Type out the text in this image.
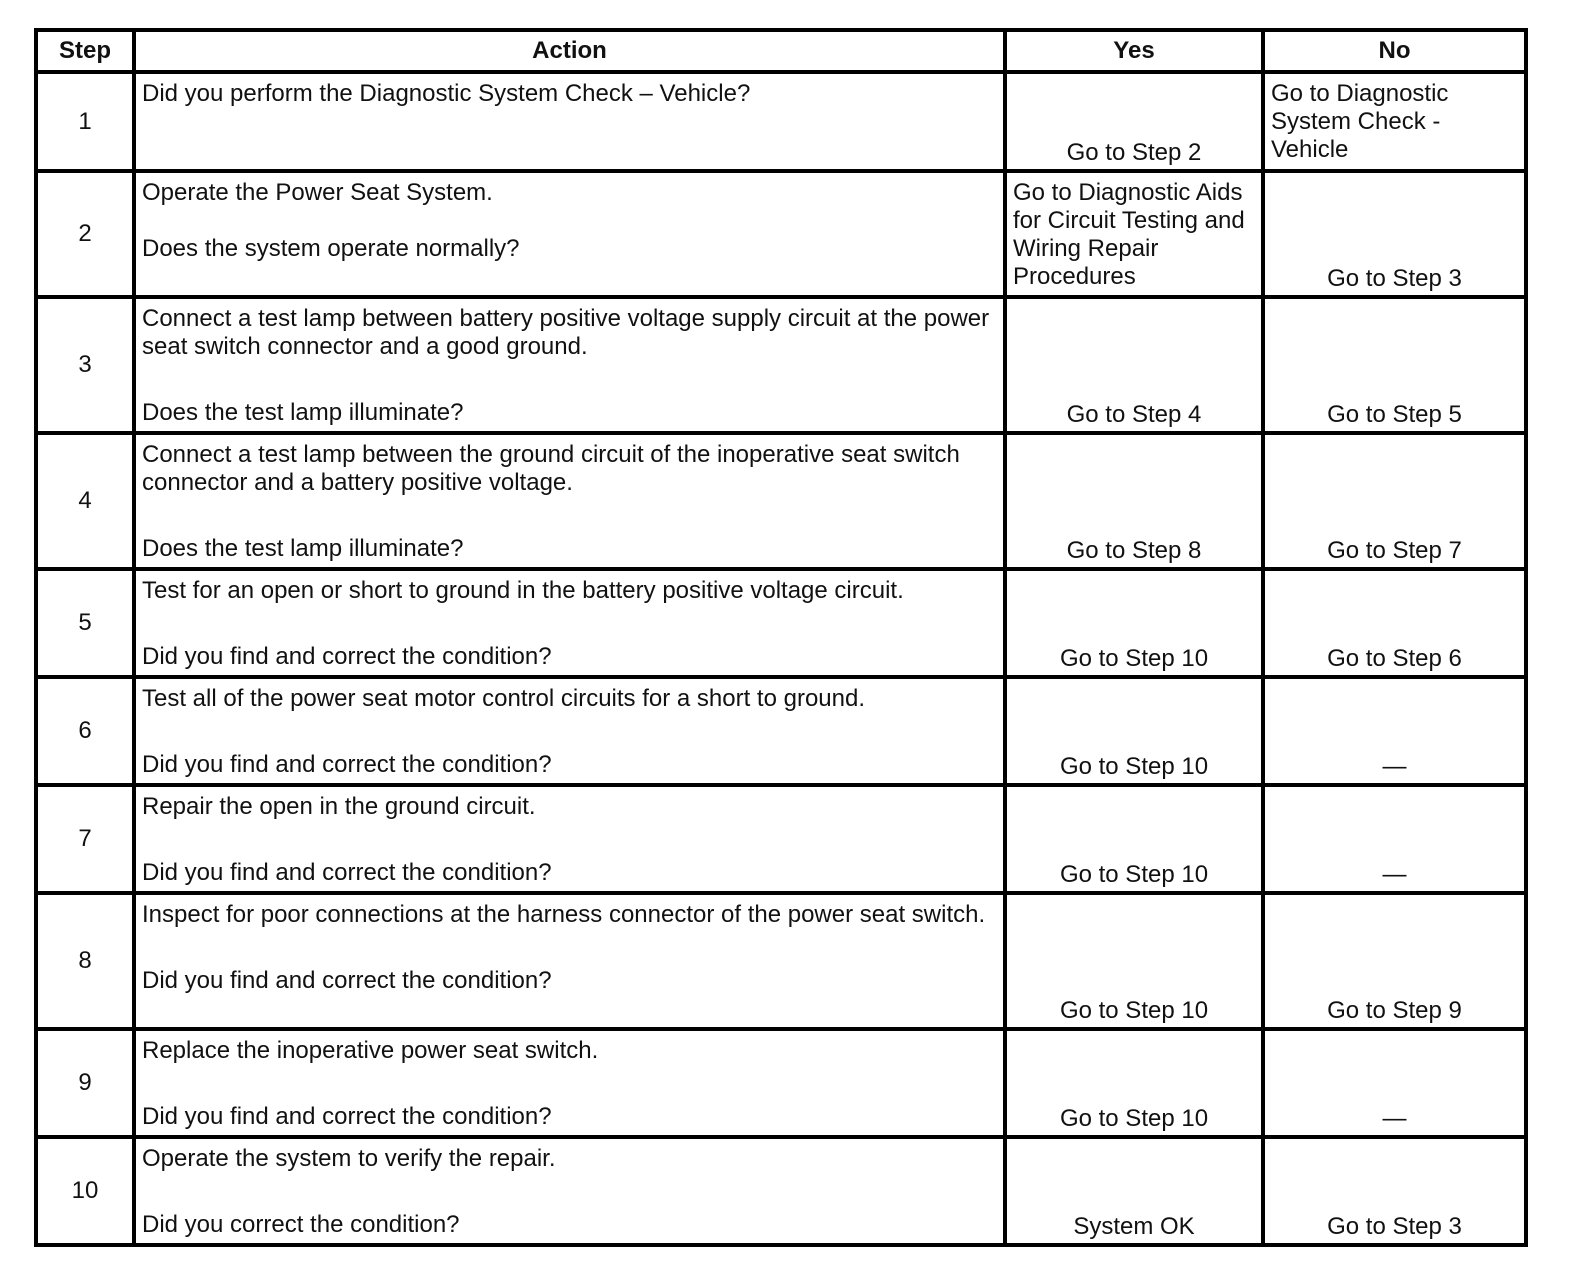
Step	Action	Yes	No
1	Did you perform the Diagnostic System Check – Vehicle?	Go to Step 2	Go to Diagnostic System Check - Vehicle
2	Operate the Power Seat System.
Does the system operate normally?	Go to Diagnostic Aids for Circuit Testing and Wiring Repair Procedures	Go to Step 3
3	Connect a test lamp between battery positive voltage supply circuit at the power seat switch connector and a good ground.
Does the test lamp illuminate?	Go to Step 4	Go to Step 5
4	Connect a test lamp between the ground circuit of the inoperative seat switch connector and a battery positive voltage.
Does the test lamp illuminate?	Go to Step 8	Go to Step 7
5	Test for an open or short to ground in the battery positive voltage circuit.
Did you find and correct the condition?	Go to Step 10	Go to Step 6
6	Test all of the power seat motor control circuits for a short to ground.
Did you find and correct the condition?	Go to Step 10	—
7	Repair the open in the ground circuit.
Did you find and correct the condition?	Go to Step 10	—
8	Inspect for poor connections at the harness connector of the power seat switch.
Did you find and correct the condition?	Go to Step 10	Go to Step 9
9	Replace the inoperative power seat switch.
Did you find and correct the condition?	Go to Step 10	—
10	Operate the system to verify the repair.
Did you correct the condition?	System OK	Go to Step 3
